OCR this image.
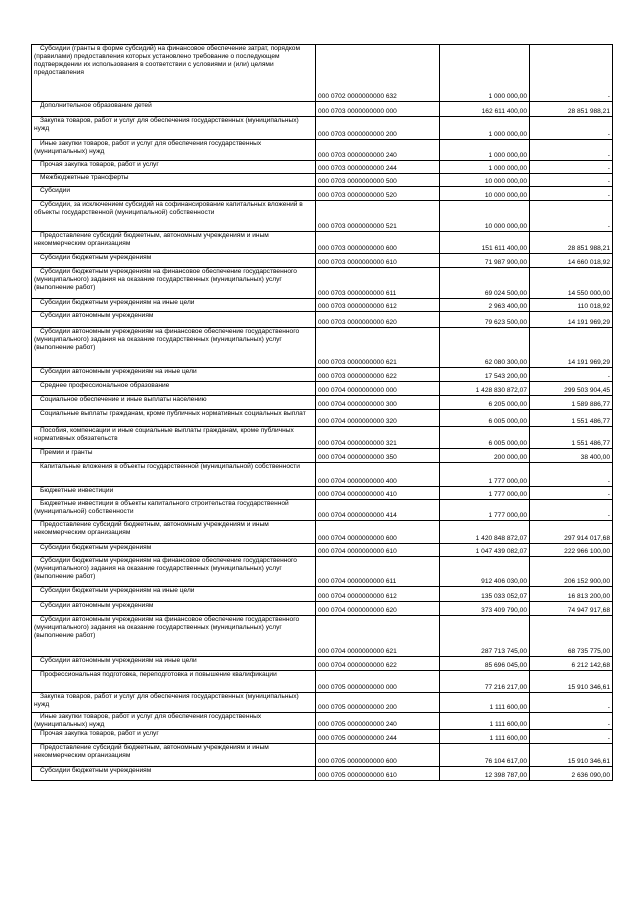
Субсидии (гранты в форме субсидий) на финансовое обеспечение затрат, порядком (правилами) предоставления которых установлено требование о последующем подтверждении их использования в соответствии с условиями и (или) целями предоставления	000 0702 0000000000 632	1 000 000,00	-
Дополнительное образование детей	000 0703 0000000000 000	162 611 400,00	28 851 988,21
Закупка товаров, работ и услуг для обеспечения государственных (муниципальных) нужд	000 0703 0000000000 200	1 000 000,00	-
Иные закупки товаров, работ и услуг для обеспечения государственных (муниципальных) нужд	000 0703 0000000000 240	1 000 000,00	-
Прочая закупка товаров, работ и услуг	000 0703 0000000000 244	1 000 000,00	-
Межбюджетные трансферты	000 0703 0000000000 500	10 000 000,00	-
Субсидии	000 0703 0000000000 520	10 000 000,00	-
Субсидии, за исключением субсидий на софинансирование капитальных вложений в объекты государственной (муниципальной) собственности	000 0703 0000000000 521	10 000 000,00	-
Предоставление субсидий бюджетным, автономным учреждениям и иным некоммерческим организациям	000 0703 0000000000 600	151 611 400,00	28 851 988,21
Субсидии бюджетным учреждениям	000 0703 0000000000 610	71 987 900,00	14 660 018,92
Субсидии бюджетным учреждениям на финансовое обеспечение государственного (муниципального) задания на оказание государственных (муниципальных) услуг (выполнение работ)	000 0703 0000000000 611	69 024 500,00	14 550 000,00
Субсидии бюджетным учреждениям на иные цели	000 0703 0000000000 612	2 963 400,00	110 018,92
Субсидии автономным учреждениям	000 0703 0000000000 620	79 623 500,00	14 191 969,29
Субсидии автономным учреждениям на финансовое обеспечение государственного (муниципального) задания на оказание государственных (муниципальных) услуг (выполнение работ)	000 0703 0000000000 621	62 080 300,00	14 191 969,29
Субсидии автономным учреждениям на иные цели	000 0703 0000000000 622	17 543 200,00	-
Среднее профессиональное образование	000 0704 0000000000 000	1 428 830 872,07	299 503 904,45
Социальное обеспечение и иные выплаты населению	000 0704 0000000000 300	6 205 000,00	1 589 886,77
Социальные выплаты гражданам, кроме публичных нормативных социальных выплат	000 0704 0000000000 320	6 005 000,00	1 551 486,77
Пособия, компенсации и иные социальные выплаты гражданам, кроме публичных нормативных обязательств	000 0704 0000000000 321	6 005 000,00	1 551 486,77
Премии и гранты	000 0704 0000000000 350	200 000,00	38 400,00
Капитальные вложения в объекты государственной (муниципальной) собственности	000 0704 0000000000 400	1 777 000,00	-
Бюджетные инвестиции	000 0704 0000000000 410	1 777 000,00	-
Бюджетные инвестиции в объекты капитального строительства государственной (муниципальной) собственности	000 0704 0000000000 414	1 777 000,00	-
Предоставление субсидий бюджетным, автономным учреждениям и иным некоммерческим организациям	000 0704 0000000000 600	1 420 848 872,07	297 914 017,68
Субсидии бюджетным учреждениям	000 0704 0000000000 610	1 047 439 082,07	222 966 100,00
Субсидии бюджетным учреждениям на финансовое обеспечение государственного (муниципального) задания на оказание государственных (муниципальных) услуг (выполнение работ)	000 0704 0000000000 611	912 406 030,00	206 152 900,00
Субсидии бюджетным учреждениям на иные цели	000 0704 0000000000 612	135 033 052,07	16 813 200,00
Субсидии автономным учреждениям	000 0704 0000000000 620	373 409 790,00	74 947 917,68
Субсидии автономным учреждениям на финансовое обеспечение государственного (муниципального) задания на оказание государственных (муниципальных) услуг (выполнение работ)	000 0704 0000000000 621	287 713 745,00	68 735 775,00
Субсидии автономным учреждениям на иные цели	000 0704 0000000000 622	85 696 045,00	6 212 142,68
Профессиональная подготовка, переподготовка и повышение квалификации	000 0705 0000000000 000	77 216 217,00	15 910 346,61
Закупка товаров, работ и услуг для обеспечения государственных (муниципальных) нужд	000 0705 0000000000 200	1 111 600,00	-
Иные закупки товаров, работ и услуг для обеспечения государственных (муниципальных) нужд	000 0705 0000000000 240	1 111 600,00	-
Прочая закупка товаров, работ и услуг	000 0705 0000000000 244	1 111 600,00	-
Предоставление субсидий бюджетным, автономным учреждениям и иным некоммерческим организациям	000 0705 0000000000 600	76 104 617,00	15 910 346,61
Субсидии бюджетным учреждениям	000 0705 0000000000 610	12 398 787,00	2 636 090,00
